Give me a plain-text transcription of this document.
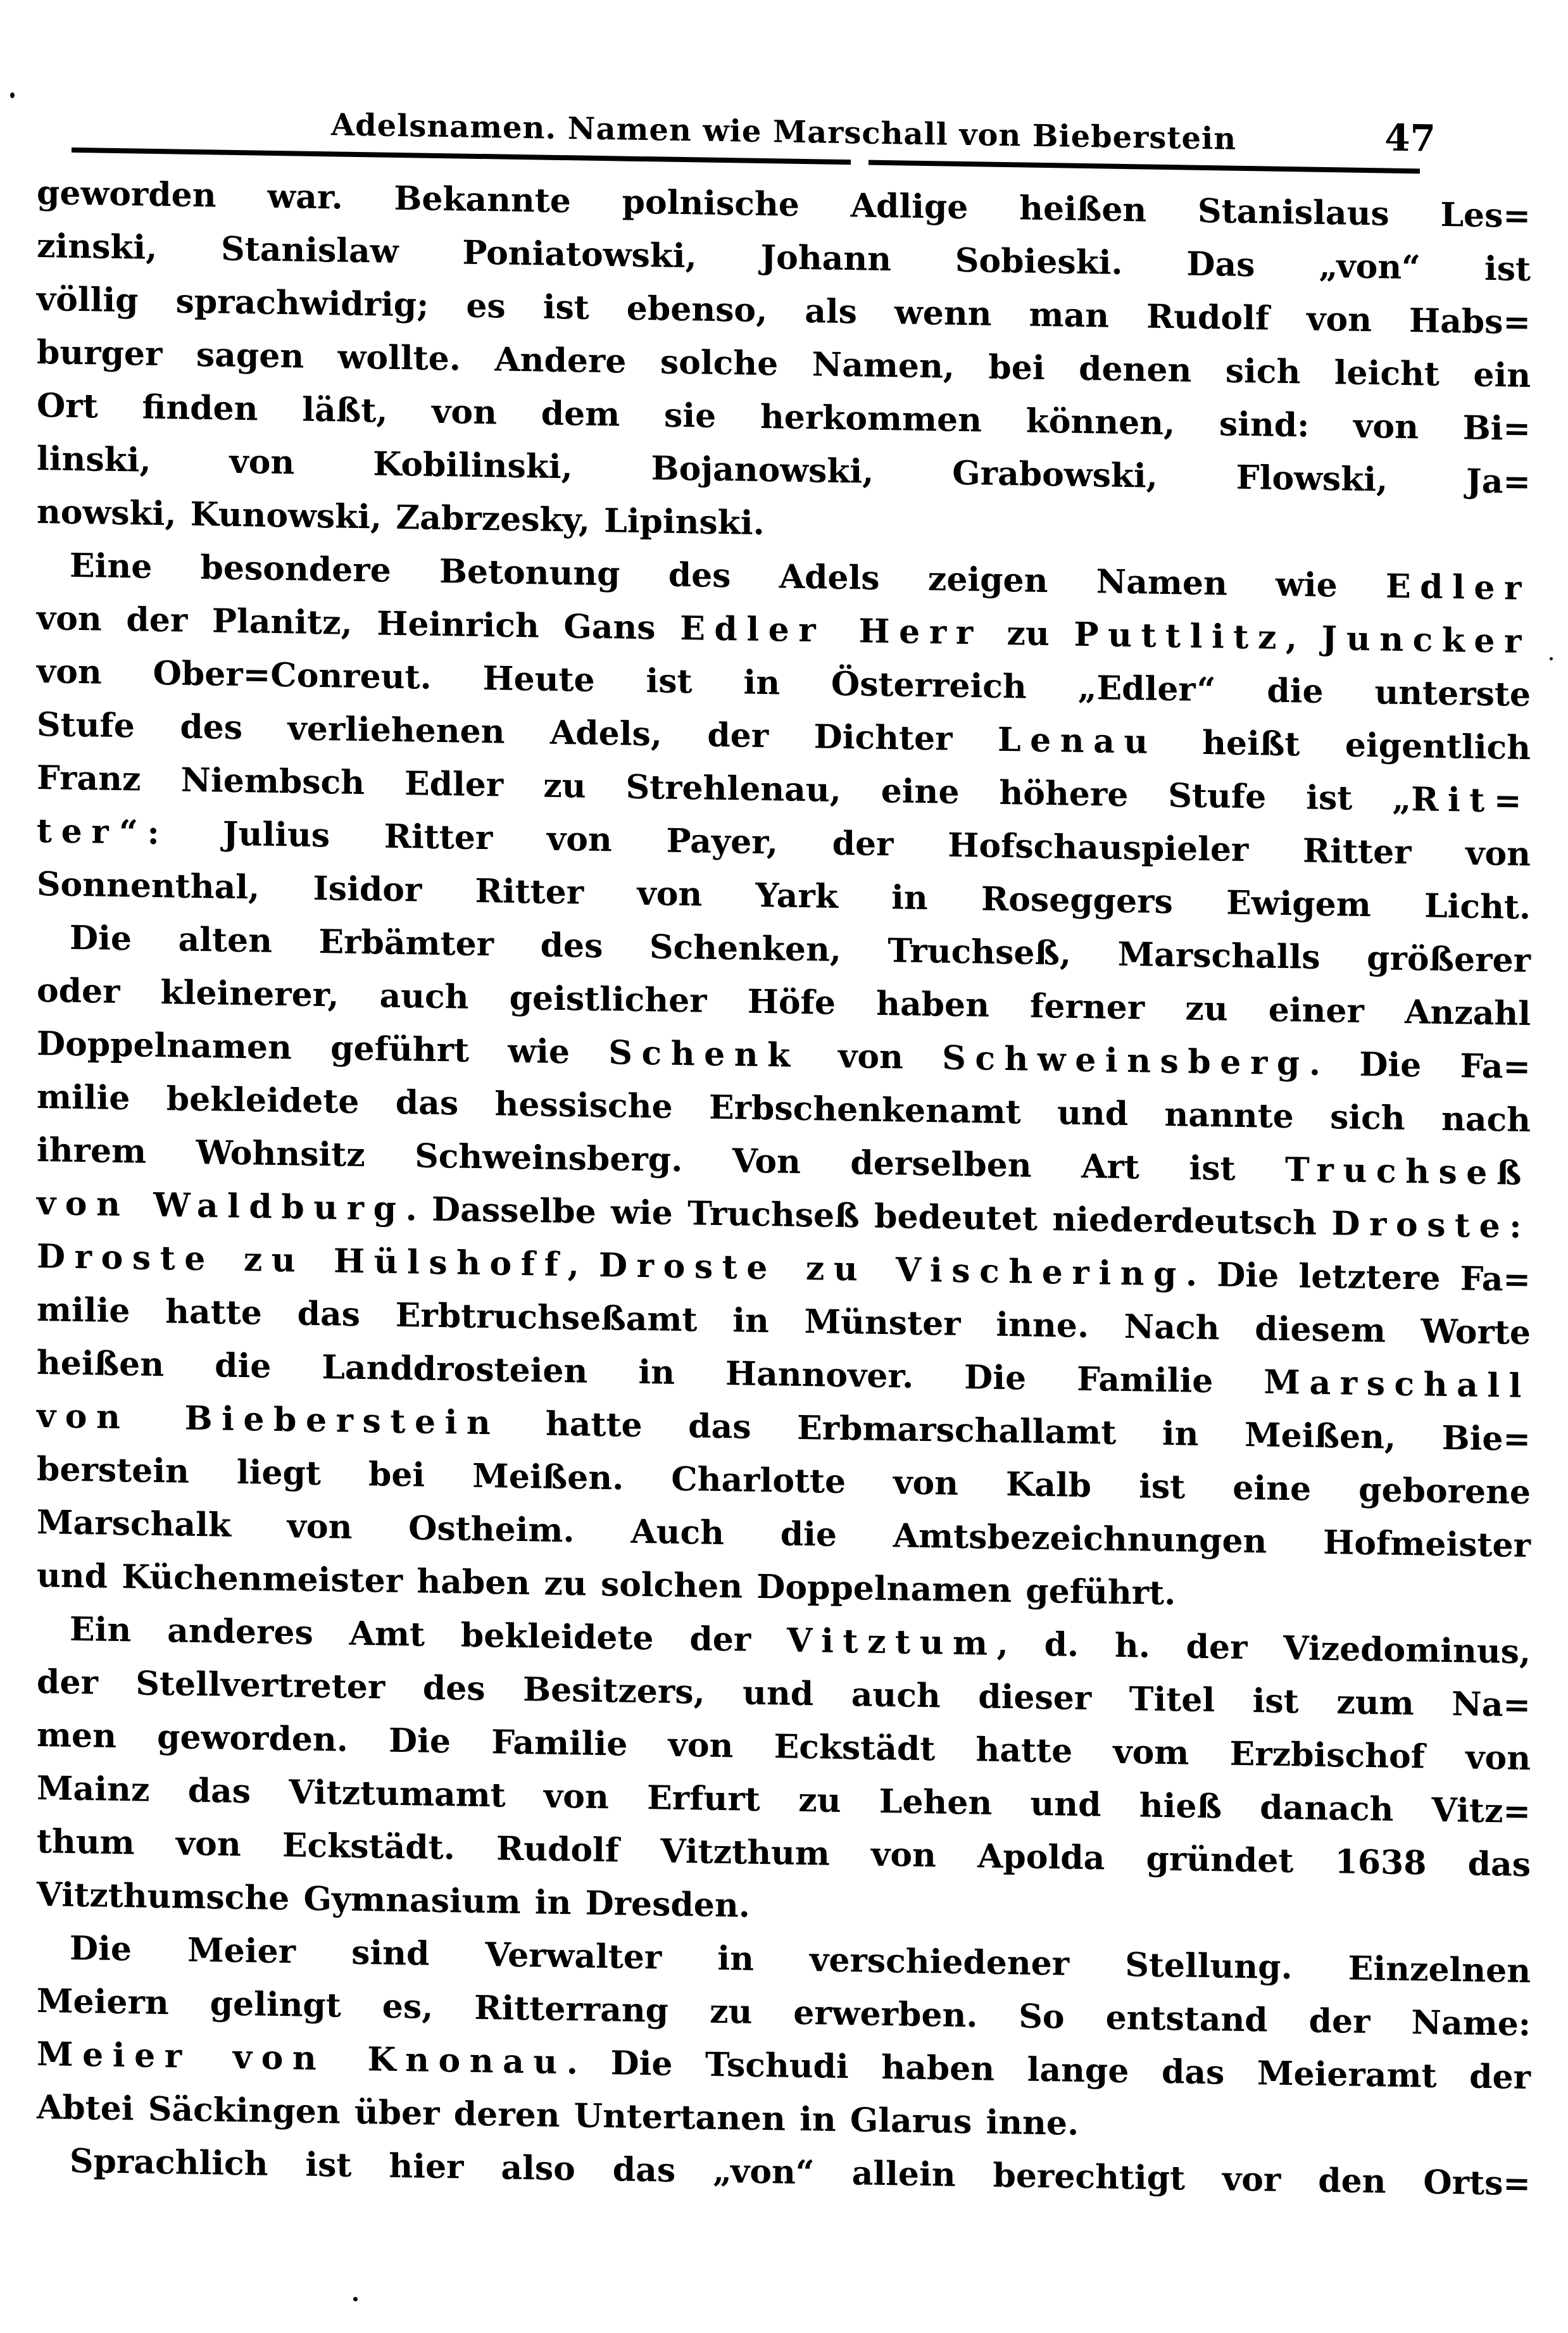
Adelsnamen. Namen wie Marschall von Bieberstein	47
geworden war. Bekannte polnische Adlige heißen Stanislaus Les=
zinski, Stanislaw Poniatowski, Johann Sobieski. Das „von“ ist
völlig sprachwidrig; es ist ebenso, als wenn man Rudolf von Habs=
burger sagen wollte. Andere solche Namen, bei denen sich leicht ein
Ort finden läßt, von dem sie herkommen können, sind: von Bi=
linski, von Kobilinski, Bojanowski, Grabowski, Flowski, Ja=
nowski, Kunowski, Zabrzesky, Lipinski.
Eine besondere Betonung des Adels zeigen Namen wie Edler
von der Planitz, Heinrich Gans Edler Herr zu Puttlitz, Juncker
von Ober=Conreut. Heute ist in Österreich „Edler“ die unterste
Stufe des verliehenen Adels, der Dichter Lenau heißt eigentlich
Franz Niembsch Edler zu Strehlenau, eine höhere Stufe ist „Rit=
ter“: Julius Ritter von Payer, der Hofschauspieler Ritter von
Sonnenthal, Isidor Ritter von Yark in Roseggers Ewigem Licht.
Die alten Erbämter des Schenken, Truchseß, Marschalls größerer
oder kleinerer, auch geistlicher Höfe haben ferner zu einer Anzahl
Doppelnamen geführt wie Schenk von Schweinsberg. Die Fa=
milie bekleidete das hessische Erbschenkenamt und nannte sich nach
ihrem Wohnsitz Schweinsberg. Von derselben Art ist Truchseß
von Waldburg. Dasselbe wie Truchseß bedeutet niederdeutsch Droste:
Droste zu Hülshoff, Droste zu Vischering. Die letztere Fa=
milie hatte das Erbtruchseßamt in Münster inne. Nach diesem Worte
heißen die Landdrosteien in Hannover. Die Familie Marschall
von Bieberstein hatte das Erbmarschallamt in Meißen, Bie=
berstein liegt bei Meißen. Charlotte von Kalb ist eine geborene
Marschalk von Ostheim. Auch die Amtsbezeichnungen Hofmeister
und Küchenmeister haben zu solchen Doppelnamen geführt.
Ein anderes Amt bekleidete der Vitztum, d. h. der Vizedominus,
der Stellvertreter des Besitzers, und auch dieser Titel ist zum Na=
men geworden. Die Familie von Eckstädt hatte vom Erzbischof von
Mainz das Vitztumamt von Erfurt zu Lehen und hieß danach Vitz=
thum von Eckstädt. Rudolf Vitzthum von Apolda gründet 1638 das
Vitzthumsche Gymnasium in Dresden.
Die Meier sind Verwalter in verschiedener Stellung. Einzelnen
Meiern gelingt es, Ritterrang zu erwerben. So entstand der Name:
Meier von Knonau. Die Tschudi haben lange das Meieramt der
Abtei Säckingen über deren Untertanen in Glarus inne.
Sprachlich ist hier also das „von“ allein berechtigt vor den Orts=
